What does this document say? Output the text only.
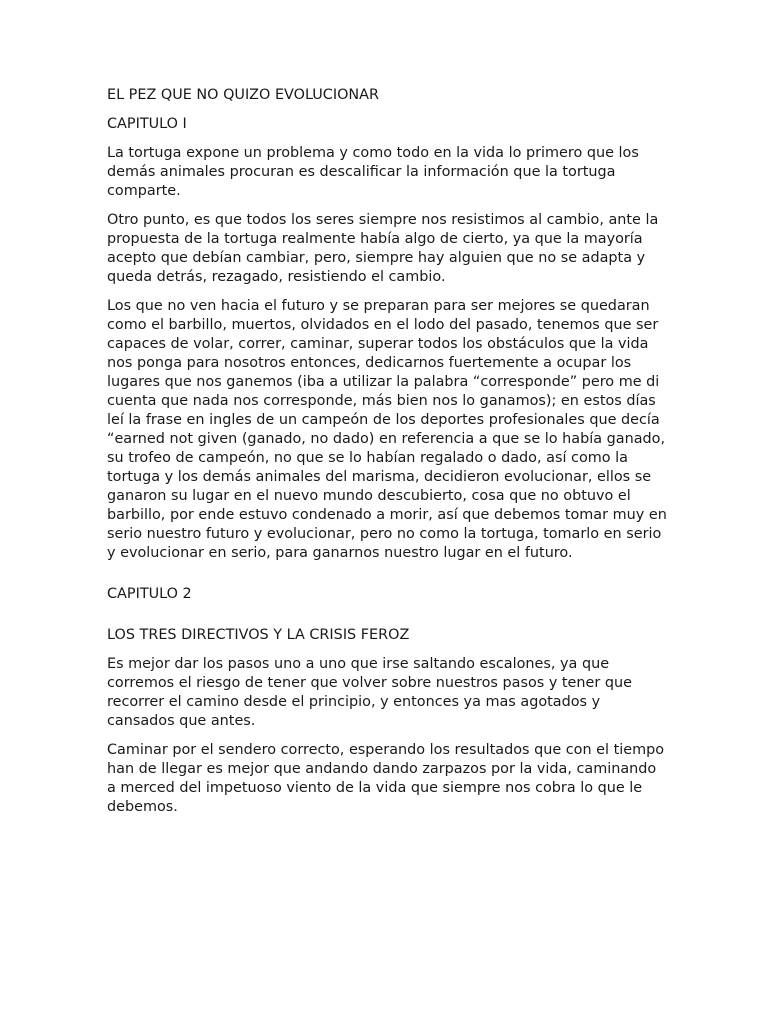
EL PEZ QUE NO QUIZO EVOLUCIONAR

CAPITULO I

La tortuga expone un problema y como todo en la vida lo primero que los demás animales procuran es descalificar la información que la tortuga comparte.

Otro punto, es que todos los seres siempre nos resistimos al cambio, ante la propuesta de la tortuga realmente había algo de cierto, ya que la mayoría acepto que debían cambiar, pero, siempre hay alguien que no se adapta y queda detrás, rezagado, resistiendo el cambio.

Los que no ven hacia el futuro y se preparan para ser mejores se quedaran como el barbillo, muertos, olvidados en el lodo del pasado, tenemos que ser capaces de volar, correr, caminar, superar todos los obstáculos que la vida nos ponga para nosotros entonces, dedicarnos fuertemente a ocupar los lugares que nos ganemos (iba a utilizar la palabra “corresponde” pero me di cuenta que nada nos corresponde, más bien nos lo ganamos); en estos días leí la frase en ingles de un campeón de los deportes profesionales que decía “earned not given (ganado, no dado) en referencia a que se lo había ganado, su trofeo de campeón, no que se lo habían regalado o dado, así como la tortuga y los demás animales del marisma, decidieron evolucionar, ellos se ganaron su lugar en el nuevo mundo descubierto, cosa que no obtuvo el barbillo, por ende estuvo condenado a morir, así que debemos tomar muy en serio nuestro futuro y evolucionar, pero no como la tortuga, tomarlo en serio y evolucionar en serio, para ganarnos nuestro lugar en el futuro.

CAPITULO 2

LOS TRES DIRECTIVOS Y LA CRISIS FEROZ

Es mejor dar los pasos uno a uno que irse saltando escalones, ya que corremos el riesgo de tener que volver sobre nuestros pasos y tener que recorrer el camino desde el principio, y entonces ya mas agotados y cansados que antes.

Caminar por el sendero correcto, esperando los resultados que con el tiempo han de llegar es mejor que andando dando zarpazos por la vida, caminando a merced del impetuoso viento de la vida que siempre nos cobra lo que le debemos.
